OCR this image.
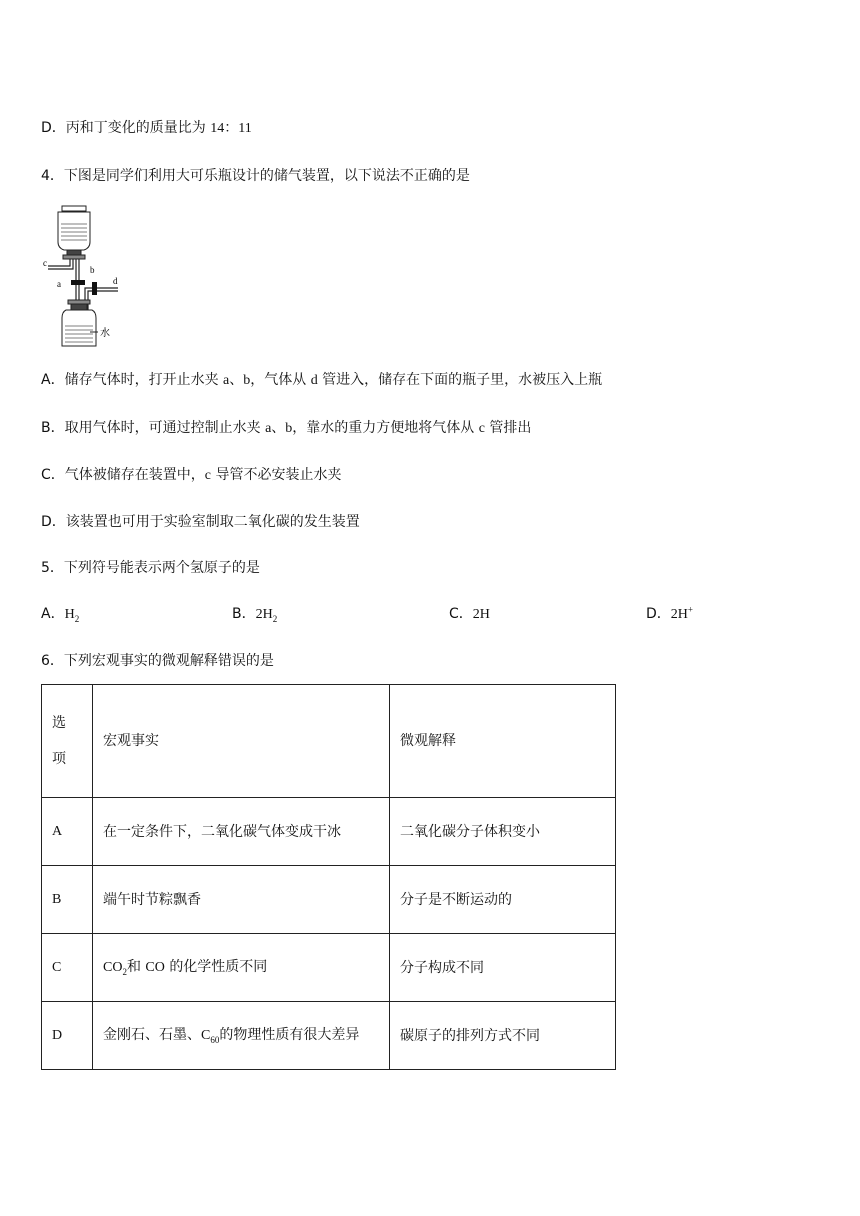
D．丙和丁变化的质量比为 14：11
4．下图是同学们利用大可乐瓶设计的储气装置，以下说法不正确的是
c
b
a	d
水
A．储存气体时，打开止水夹 a、b，气体从 d 管进入，储存在下面的瓶子里，水被压入上瓶
B．取用气体时，可通过控制止水夹 a、b，靠水的重力方便地将气体从 c 管排出
C．气体被储存在装置中，c 导管不必安装止水夹
D．该装置也可用于实验室制取二氧化碳的发生装置
5．下列符号能表示两个氢原子的是
A．$H_2$	B．$2H_2$	C．2H	D．2H+
6．下列宏观事实的微观解释错误的是
选
项	宏观事实	微观解释
A	在一定条件下，二氧化碳气体变成干冰	二氧化碳分子体积变小
B	端午时节粽飘香	分子是不断运动的
C	$CO_2$和 CO 的化学性质不同	分子构成不同
D	金刚石、石墨、$C_{60}$的物理性质有很大差异	碳原子的排列方式不同
